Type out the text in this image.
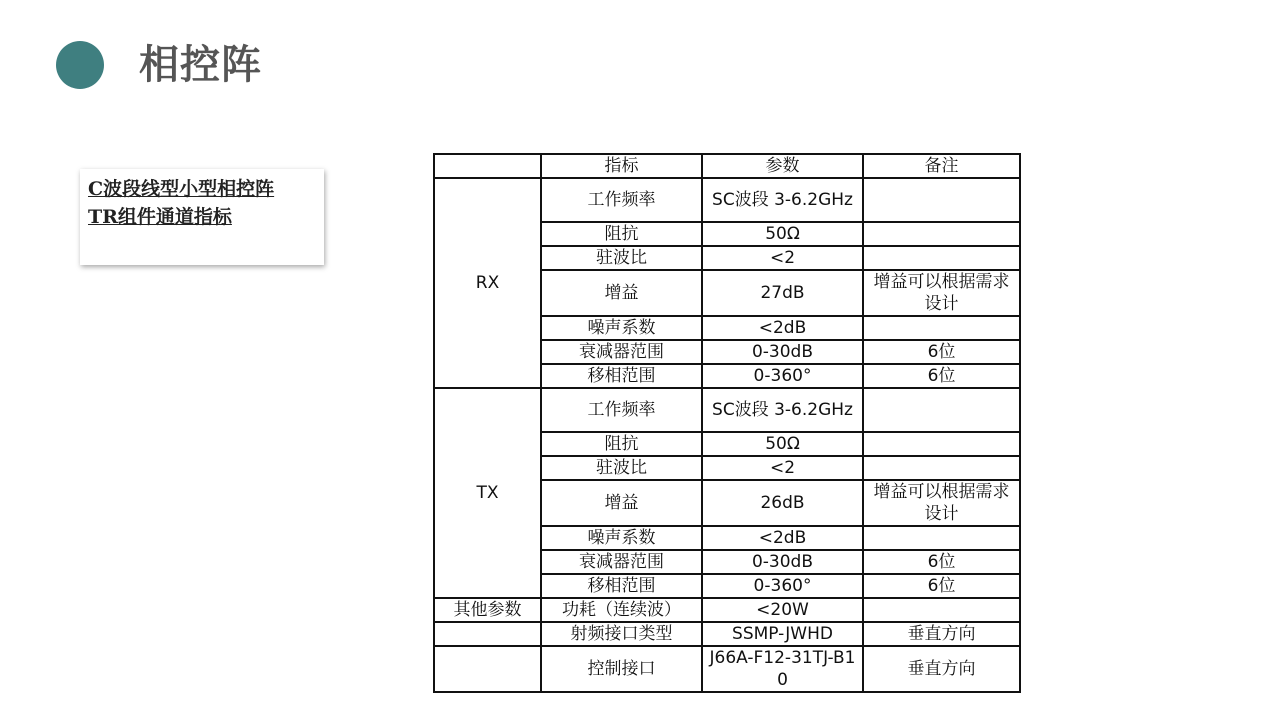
相控阵
C波段线型小型相控阵
TR组件通道指标
	指标	参数	备注
RX	工作频率	SC波段 3-6.2GHz	
	阻抗	50Ω	
	驻波比	<2	
	增益	27dB	增益可以根据需求设计
	噪声系数	<2dB	
	衰减器范围	0-30dB	6位
	移相范围	0-360°	6位
TX	工作频率	SC波段 3-6.2GHz	
	阻抗	50Ω	
	驻波比	<2	
	增益	26dB	增益可以根据需求设计
	噪声系数	<2dB	
	衰减器范围	0-30dB	6位
	移相范围	0-360°	6位
其他参数	功耗（连续波）	<20W	
	射频接口类型	SSMP-JWHD	垂直方向
	控制接口	J66A-F12-31TJ-B10	垂直方向
